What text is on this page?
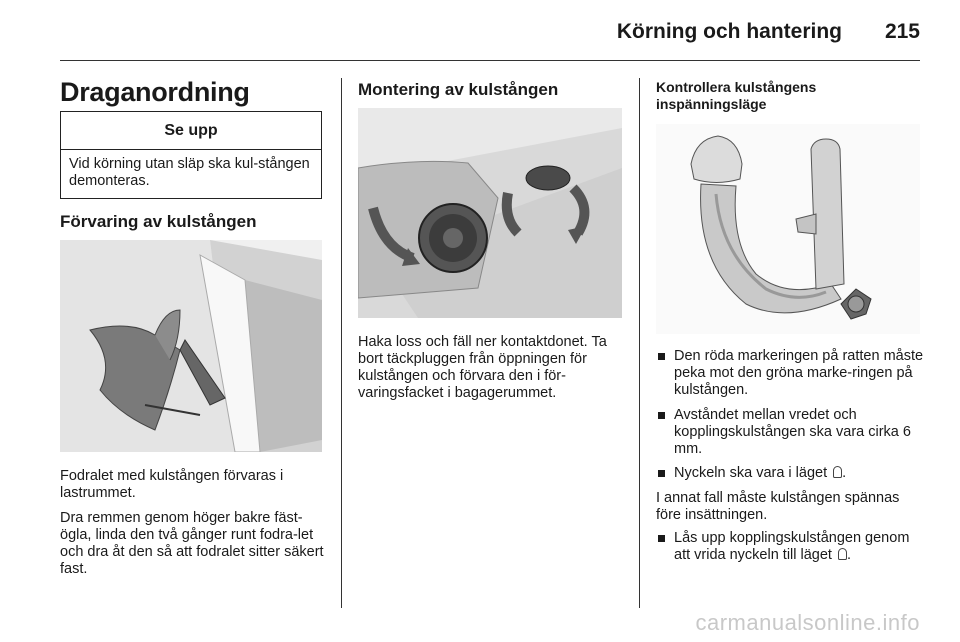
Körning och hantering 215
Draganordning
Se upp
Vid körning utan släp ska kul-stången demonteras.
Förvaring av kulstången

Fodralet med kulstången förvaras i lastrummet.

Dra remmen genom höger bakre fäst-ögla, linda den två gånger runt fodra-let och dra åt den så att fodralet sitter säkert fast.

Montering av kulstången

Haka loss och fäll ner kontaktdonet. Ta bort täckpluggen från öppningen för kulstången och förvara den i för-varingsfacket i bagagerummet.

Kontrollera kulstångens inspänningsläge
Den röda markeringen på ratten måste peka mot den gröna marke-ringen på kulstången.
Avståndet mellan vredet och kopplingskulstången ska vara cirka 6 mm.
Nyckeln ska vara i läget .

I annat fall måste kulstången spännas före insättningen.

Lås upp kopplingskulstången genom att vrida nyckeln till läget .
carmanualsonline.info
